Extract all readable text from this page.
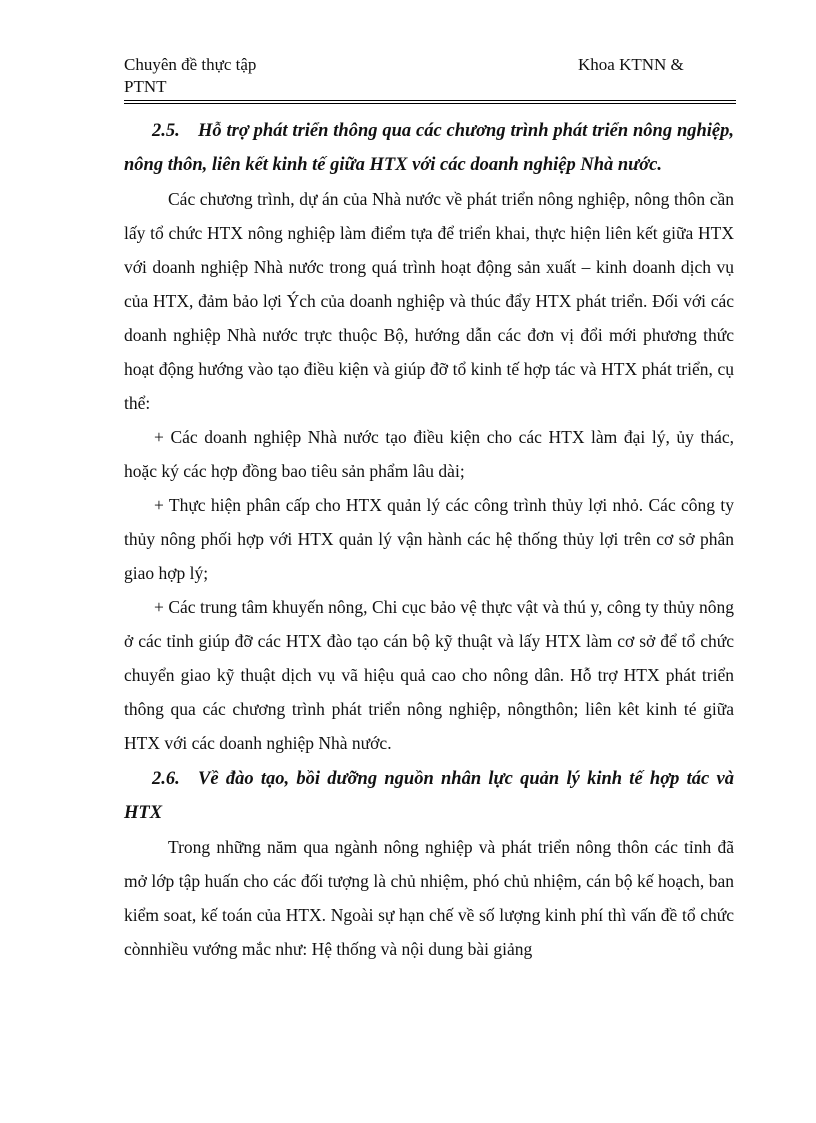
Chuyên đề thực tập
PTNT
Khoa KTNN &

2.5. Hỗ trợ phát triển thông qua các chương trình phát triển nông nghiệp, nông thôn, liên kết kinh tế giữa HTX với các doanh nghiệp Nhà nước.

Các chương trình, dự án của Nhà nước về phát triển nông nghiệp, nông thôn cần lấy tổ chức HTX nông nghiệp làm điểm tựa để triển khai, thực hiện liên kết giữa HTX với doanh nghiệp Nhà nước trong quá trình hoạt động sản xuất – kinh doanh dịch vụ của HTX, đảm bảo lợi Ých của doanh nghiệp và thúc đẩy HTX phát triển. Đối với các doanh nghiệp Nhà nước trực thuộc Bộ, hướng dẫn các đơn vị đổi mới phương thức hoạt động hướng vào tạo điều kiện và giúp đỡ tổ kinh tế hợp tác và HTX phát triển, cụ thể:

+ Các doanh nghiệp Nhà nước tạo điều kiện cho các HTX làm đại lý, ủy thác, hoặc ký các hợp đồng bao tiêu sản phẩm lâu dài;

+ Thực hiện phân cấp cho HTX quản lý các công trình thủy lợi nhỏ. Các công ty thủy nông phối hợp với HTX quản lý vận hành các hệ thống thủy lợi trên cơ sở phân giao hợp lý;

+ Các trung tâm khuyến nông, Chi cục bảo vệ thực vật và thú y, công ty thủy nông ở các tỉnh giúp đỡ các HTX đào tạo cán bộ kỹ thuật và lấy HTX làm cơ sở để tổ chức chuyển giao kỹ thuật dịch vụ vã hiệu quả cao cho nông dân. Hỗ trợ HTX phát triển thông qua các chương trình phát triển nông nghiệp, nôngthôn; liên kêt kinh té giữa HTX với các doanh nghiệp Nhà nước.

2.6. Về đào tạo, bồi dưỡng nguồn nhân lực quản lý kinh tế hợp tác và HTX

Trong những năm qua ngành nông nghiệp và phát triển nông thôn các tỉnh đã mở lớp tập huấn cho các đối tượng là chủ nhiệm, phó chủ nhiệm, cán bộ kế hoạch, ban kiểm soat, kế toán của HTX. Ngoài sự hạn chế về số lượng kinh phí thì vấn đề tổ chức cònnhiều vướng mắc như: Hệ thống và nội dung bài giảng
